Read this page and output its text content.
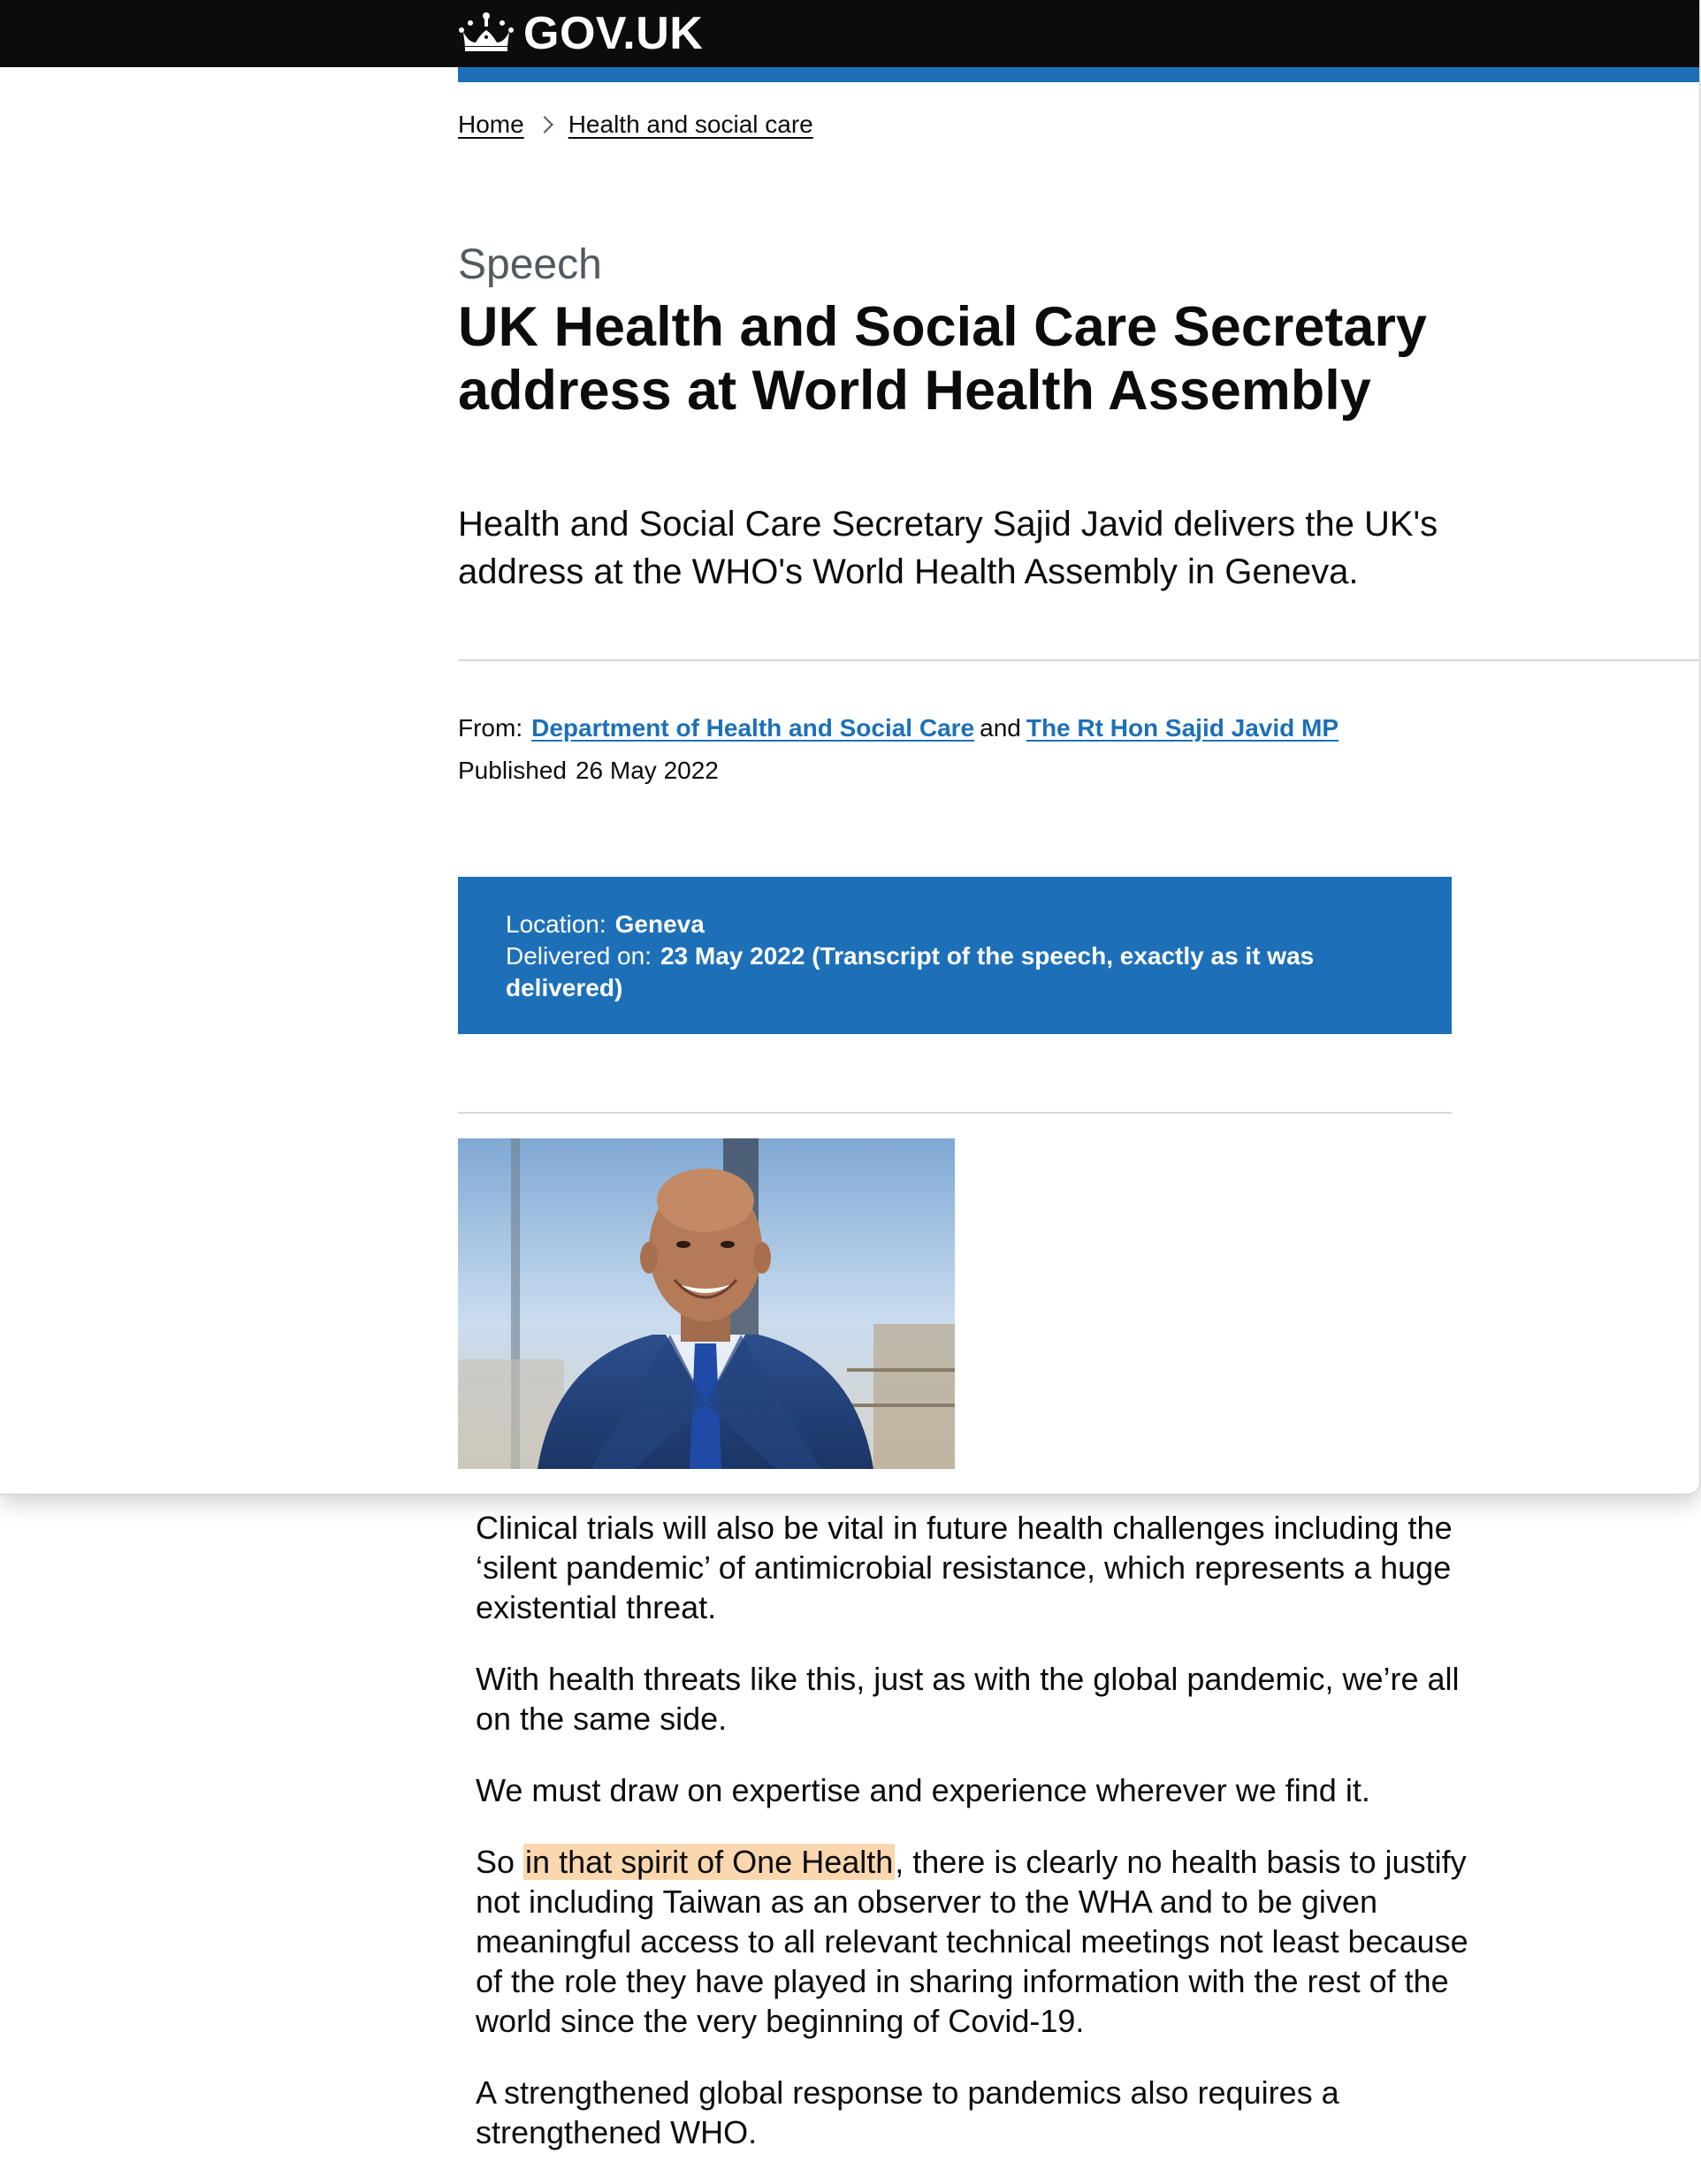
GOV.UK
Home Health and social care
Speech
UK Health and Social Care Secretary address at World Health Assembly

Health and Social Care Secretary Sajid Javid delivers the UK's address at the WHO's World Health Assembly in Geneva.

From: Department of Health and Social Care and The Rt Hon Sajid Javid MP
Published 26 May 2022
Location: Geneva
Delivered on: 23 May 2022 (Transcript of the speech, exactly as it was delivered)

Clinical trials will also be vital in future health challenges including the ‘silent pandemic’ of antimicrobial resistance, which represents a huge existential threat.

With health threats like this, just as with the global pandemic, we’re all on the same side.

We must draw on expertise and experience wherever we find it.

So in that spirit of One Health, there is clearly no health basis to justify not including Taiwan as an observer to the WHA and to be given meaningful access to all relevant technical meetings not least because of the role they have played in sharing information with the rest of the world since the very beginning of Covid-19.

A strengthened global response to pandemics also requires a strengthened WHO.
